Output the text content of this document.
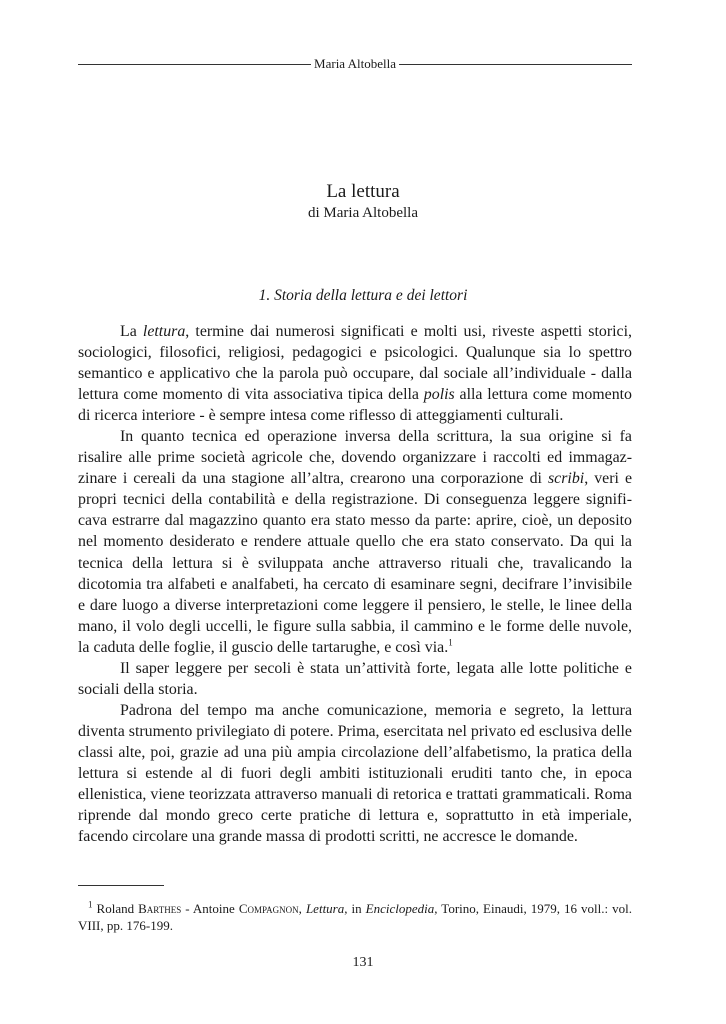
Maria Altobella
La lettura
di Maria Altobella
1. Storia della lettura e dei lettori

La lettura, termine dai numerosi significati e molti usi, riveste aspetti storici, sociologici, filosofici, religiosi, pedagogici e psicologici. Qualunque sia lo spettro semantico e applicativo che la parola può occupare, dal sociale all’individuale - dalla lettura come momento di vita associativa tipica della polis alla lettura come momento di ricerca interiore - è sempre intesa come riflesso di atteggiamenti culturali.

In quanto tecnica ed operazione inversa della scrittura, la sua origine si fa risalire alle prime società agricole che, dovendo organizzare i raccolti ed immagazzinare i cereali da una stagione all’altra, crearono una corporazione di scribi, veri e propri tecnici della contabilità e della registrazione. Di conseguenza leggere significava estrarre dal magazzino quanto era stato messo da parte: aprire, cioè, un deposito nel momento desiderato e rendere attuale quello che era stato conservato. Da qui la tecnica della lettura si è sviluppata anche attraverso rituali che, travalicando la dicotomia tra alfabeti e analfabeti, ha cercato di esaminare segni, decifrare l’invisibile e dare luogo a diverse interpretazioni come leggere il pensiero, le stelle, le linee della mano, il volo degli uccelli, le figure sulla sabbia, il cammino e le forme delle nuvole, la caduta delle foglie, il guscio delle tartarughe, e così via.$^1$

Il saper leggere per secoli è stata un’attività forte, legata alle lotte politiche e sociali della storia.

Padrona del tempo ma anche comunicazione, memoria e segreto, la lettura diventa strumento privilegiato di potere. Prima, esercitata nel privato ed esclusiva delle classi alte, poi, grazie ad una più ampia circolazione dell’alfabetismo, la pratica della lettura si estende al di fuori degli ambiti istituzionali eruditi tanto che, in epoca ellenistica, viene teorizzata attraverso manuali di retorica e trattati grammaticali. Roma riprende dal mondo greco certe pratiche di lettura e, soprattutto in età imperiale, facendo circolare una grande massa di prodotti scritti, ne accresce le domande.

$^1$ Roland Barthes - Antoine Compagnon, Lettura, in Enciclopedia, Torino, Einaudi, 1979, 16 voll.: vol. VIII, pp. 176-199.
131
